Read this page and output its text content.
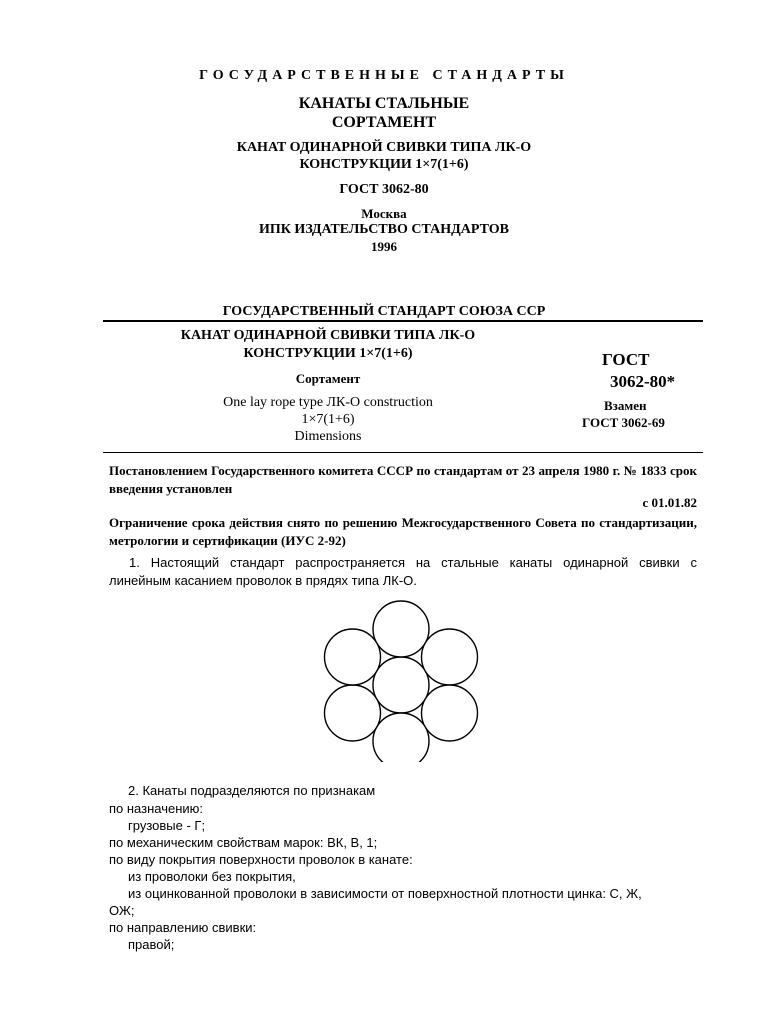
ГОСУДАРСТВЕННЫЕ СТАНДАРТЫ
КАНАТЫ СТАЛЬНЫЕ
СОРТАМЕНТ
КАНАТ ОДИНАРНОЙ СВИВКИ ТИПА ЛК-О
КОНСТРУКЦИИ 1×7(1+6)
ГОСТ 3062-80
Москва
ИПК ИЗДАТЕЛЬСТВО СТАНДАРТОВ
1996
ГОСУДАРСТВЕННЫЙ СТАНДАРТ СОЮЗА ССР
КАНАТ ОДИНАРНОЙ СВИВКИ ТИПА ЛК-О
КОНСТРУКЦИИ 1×7(1+6)
Сортамент
One lay rope type ЛК-О construction
1×7(1+6)
Dimensions
ГОСТ
3062-80*
Взамен
ГОСТ 3062-69
Постановлением Государственного комитета СССР по стандартам от 23 апреля 1980 г. № 1833 срок введения установлен
с 01.01.82
Ограничение срока действия снято по решению Межгосударственного Совета по стандартизации, метрологии и сертификации (ИУС 2-92)
1. Настоящий стандарт распространяется на стальные канаты одинарной свивки с линейным касанием проволок в прядях типа ЛК-О.
2. Канаты подразделяются по признакам
по назначению:
грузовые - Г;
по механическим свойствам марок: ВК, В, 1;
по виду покрытия поверхности проволок в канате:
из проволоки без покрытия,
из оцинкованной проволоки в зависимости от поверхностной плотности цинка: С, Ж,
ОЖ;
по направлению свивки:
правой;
